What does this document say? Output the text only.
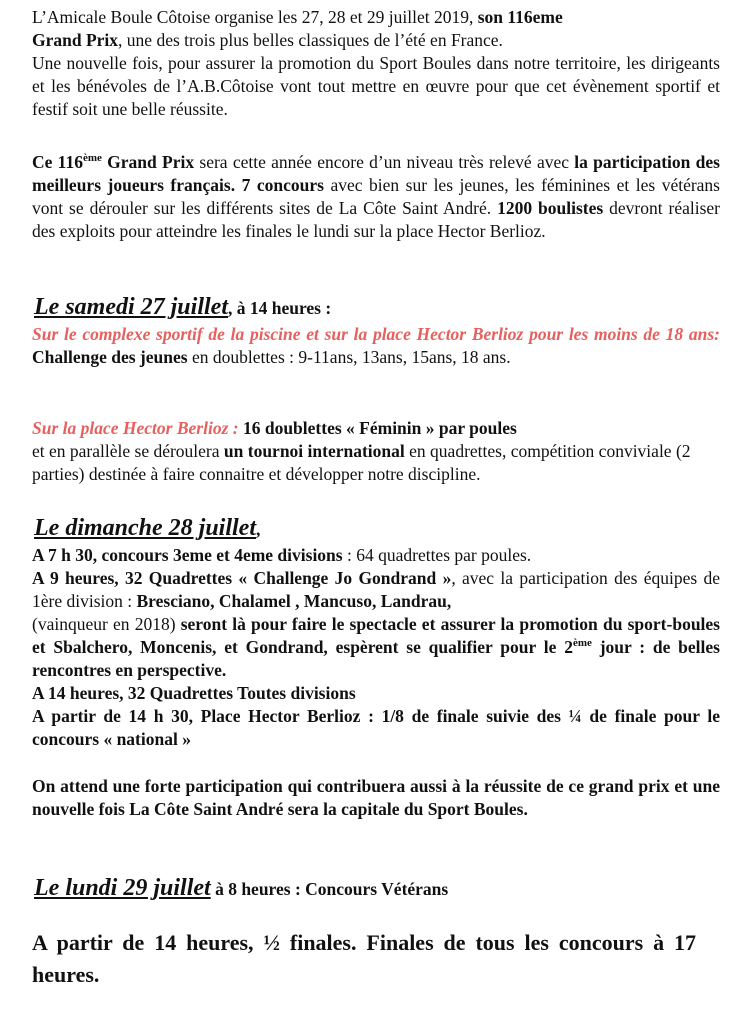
L’Amicale Boule Côtoise organise les 27, 28 et 29 juillet 2019, son 116eme
Grand Prix, une des trois plus belles classiques de l’été en France.
Une nouvelle fois, pour assurer la promotion du Sport Boules dans notre territoire, les dirigeants et les bénévoles de l’A.B.Côtoise vont tout mettre en œuvre pour que cet évènement sportif et festif soit une belle réussite.

Ce 116ème Grand Prix sera cette année encore d’un niveau très relevé avec la participation des meilleurs joueurs français. 7 concours avec bien sur les jeunes, les féminines et les vétérans vont se dérouler sur les différents sites de La Côte Saint André. 1200 boulistes devront réaliser des exploits pour atteindre les finales le lundi sur la place Hector Berlioz.

Le samedi 27 juillet, à 14 heures :

Sur le complexe sportif de la piscine et sur la place Hector Berlioz pour les moins de 18 ans: Challenge des jeunes en doublettes : 9-11ans, 13ans, 15ans, 18 ans.

Sur la place Hector Berlioz : 16 doublettes « Féminin » par poules
et en parallèle se déroulera un tournoi international en quadrettes, compétition conviviale (2 parties) destinée à faire connaitre et développer notre discipline.

Le dimanche 28 juillet,

A 7 h 30, concours 3eme et 4eme divisions : 64 quadrettes par poules.
A 9 heures, 32 Quadrettes « Challenge Jo Gondrand », avec la participation des équipes de 1ère division : Bresciano, Chalamel , Mancuso, Landrau,
(vainqueur en 2018) seront là pour faire le spectacle et assurer la promotion du sport-boules et Sbalchero, Moncenis, et Gondrand, espèrent se qualifier pour le 2ème jour : de belles rencontres en perspective.
A 14 heures, 32 Quadrettes Toutes divisions
A partir de 14 h 30, Place Hector Berlioz : 1/8 de finale suivie des ¼ de finale pour le concours « national »

On attend une forte participation qui contribuera aussi à la réussite de ce grand prix et une nouvelle fois La Côte Saint André sera la capitale du Sport Boules.

Le lundi 29 juillet à 8 heures : Concours Vétérans

A partir de 14 heures, ½ finales. Finales de tous les concours à 17 heures.
